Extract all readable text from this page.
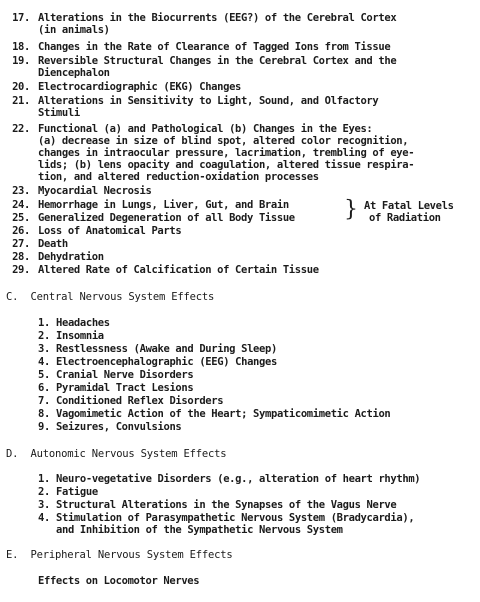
17. Alterations in the Biocurrents (EEG?) of the Cerebral Cortex
(in animals)
18. Changes in the Rate of Clearance of Tagged Ions from Tissue
19. Reversible Structural Changes in the Cerebral Cortex and the
Diencephalon
20. Electrocardiographic (EKG) Changes
21. Alterations in Sensitivity to Light, Sound, and Olfactory
Stimuli
22. Functional (a) and Pathological (b) Changes in the Eyes:
(a) decrease in size of blind spot, altered color recognition,
changes in intraocular pressure, lacrimation, trembling of eye-
lids; (b) lens opacity and coagulation, altered tissue respira-
tion, and altered reduction-oxidation processes
23. Myocardial Necrosis
24. Hemorrhage in Lungs, Liver, Gut, and Brain
25. Generalized Degeneration of all Body Tissue } At Fatal Levels
of Radiation
26. Loss of Anatomical Parts
27. Death
28. Dehydration
29. Altered Rate of Calcification of Certain Tissue
C.  Central Nervous System Effects
1. Headaches
2. Insomnia
3. Restlessness (Awake and During Sleep)
4. Electroencephalographic (EEG) Changes
5. Cranial Nerve Disorders
6. Pyramidal Tract Lesions
7. Conditioned Reflex Disorders
8. Vagomimetic Action of the Heart; Sympaticomimetic Action
9. Seizures, Convulsions
D.  Autonomic Nervous System Effects
1. Neuro-vegetative Disorders (e.g., alteration of heart rhythm)
2. Fatigue
3. Structural Alterations in the Synapses of the Vagus Nerve
4. Stimulation of Parasympathetic Nervous System (Bradycardia),
and Inhibition of the Sympathetic Nervous System
E.  Peripheral Nervous System Effects
Effects on Locomotor Nerves
